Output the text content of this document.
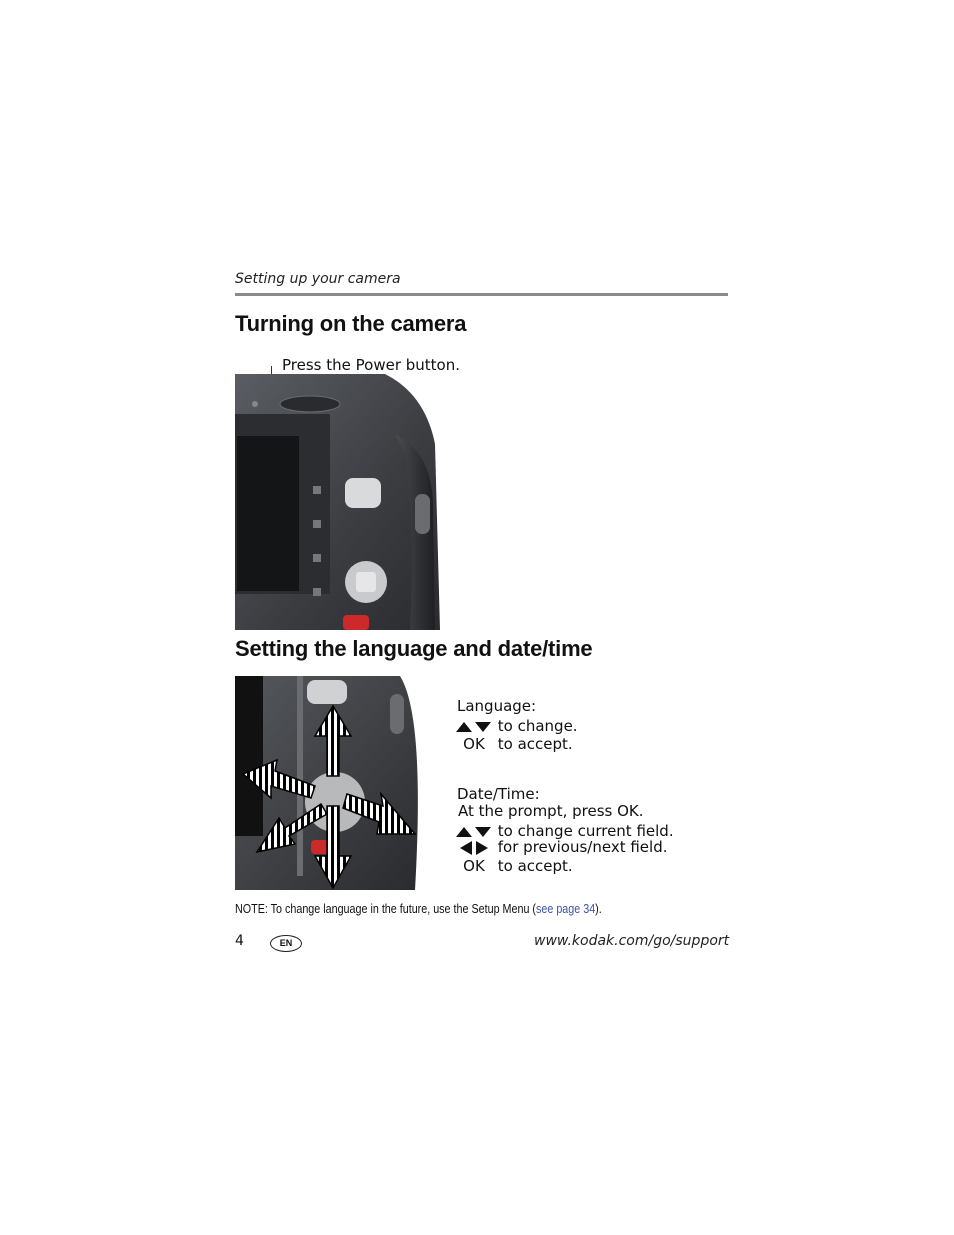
Setting up your camera
Turning on the camera
Press the Power button.
Setting the language and date/time
Language:
to change.
OK to accept.
Date/Time:
At the prompt, press OK.
to change current field.
for previous/next field.
OK to accept.
NOTE: To change language in the future, use the Setup Menu (see page 34).
4	EN	www.kodak.com/go/support
